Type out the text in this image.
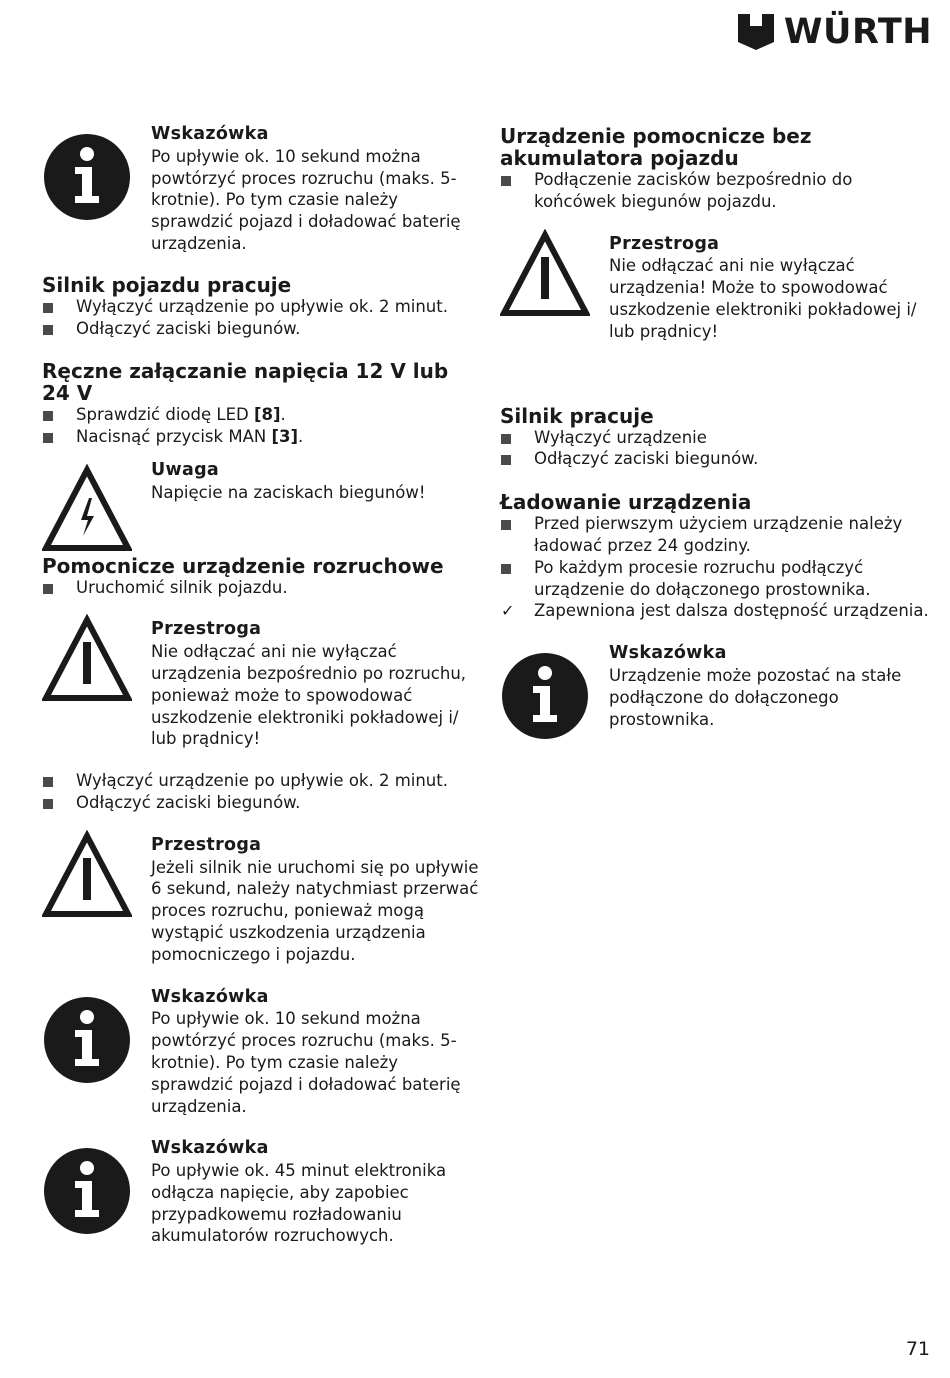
WÜRTH
Wskazówka
Po upływie ok. 10 sekund można powtórzyć proces rozruchu (maks. 5-krotnie). Po tym czasie należy sprawdzić pojazd i doładować baterię urządzenia.
Silnik pojazdu pracuje
Wyłączyć urządzenie po upływie ok. 2 minut.
Odłączyć zaciski biegunów.
Ręczne załączanie napięcia 12 V lub 24 V
Sprawdzić diodę LED [8].
Nacisnąć przycisk MAN [3].
Uwaga
Napięcie na zaciskach biegunów!
Pomocnicze urządzenie rozruchowe
Uruchomić silnik pojazdu.
Przestroga
Nie odłączać ani nie wyłączać urządzenia bezpośrednio po rozruchu, ponieważ może to spowodować uszkodzenie elektroniki pokładowej i/ lub prądnicy!
Wyłączyć urządzenie po upływie ok. 2 minut.
Odłączyć zaciski biegunów.
Przestroga
Jeżeli silnik nie uruchomi się po upływie 6 sekund, należy natychmiast przerwać proces rozruchu, ponieważ mogą wystąpić uszkodzenia urządzenia pomocniczego i pojazdu.
Wskazówka
Po upływie ok. 10 sekund można powtórzyć proces rozruchu (maks. 5-krotnie). Po tym czasie należy sprawdzić pojazd i doładować baterię urządzenia.
Wskazówka
Po upływie ok. 45 minut elektronika odłącza napięcie, aby zapobiec przypadkowemu rozładowaniu akumulatorów rozruchowych.
Urządzenie pomocnicze bez akumulatora pojazdu
Podłączenie zacisków bezpośrednio do końcówek biegunów pojazdu.
Przestroga
Nie odłączać ani nie wyłączać urządzenia! Może to spowodować uszkodzenie elektroniki pokładowej i/ lub prądnicy!
Silnik pracuje
Wyłączyć urządzenie
Odłączyć zaciski biegunów.
Ładowanie urządzenia
Przed pierwszym użyciem urządzenie należy ładować przez 24 godziny.
Po każdym procesie rozruchu podłączyć urządzenie do dołączonego prostownika.
✓ Zapewniona jest dalsza dostępność urządzenia.
Wskazówka
Urządzenie może pozostać na stałe podłączone do dołączonego prostownika.
71
